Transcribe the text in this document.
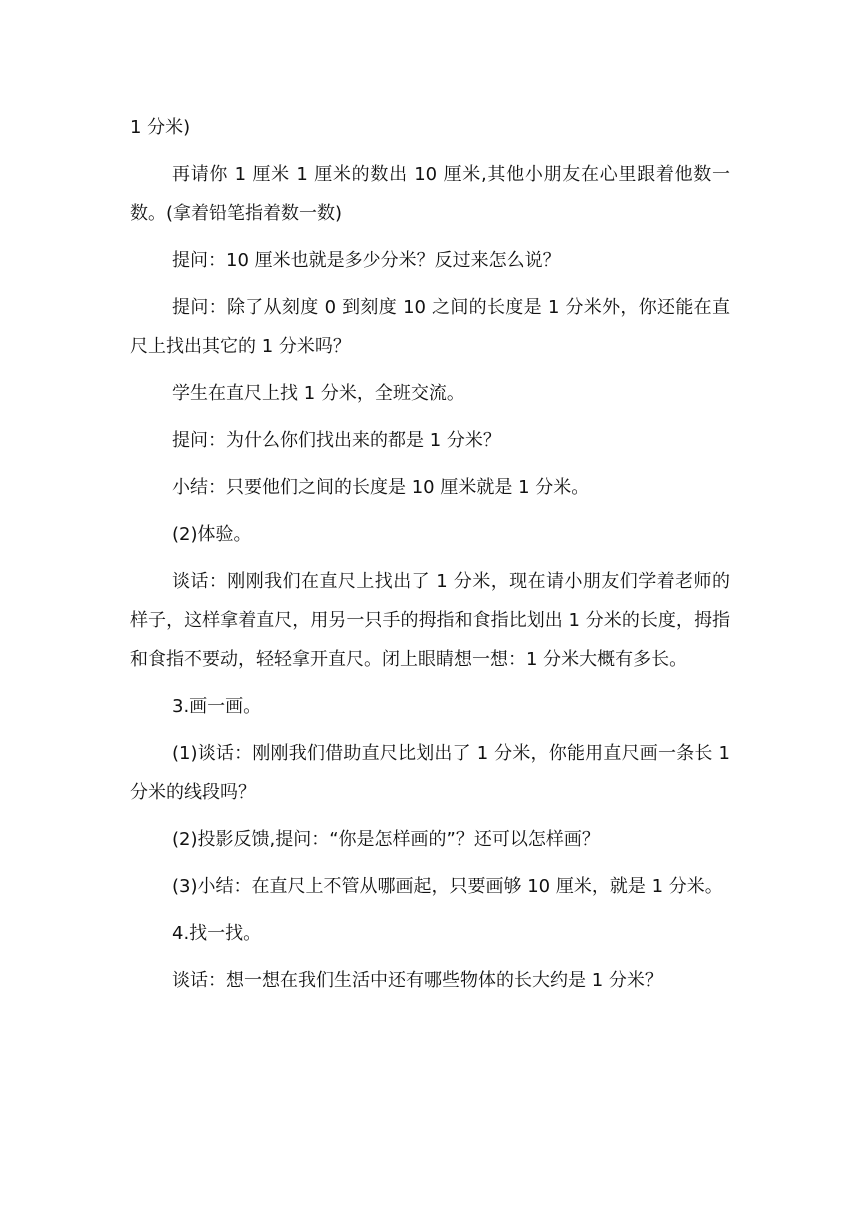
1 分米)

再请你 1 厘米 1 厘米的数出 10 厘米,其他小朋友在心里跟着他数一数。(拿着铅笔指着数一数)

提问：10 厘米也就是多少分米？反过来怎么说？

提问：除了从刻度 0 到刻度 10 之间的长度是 1 分米外，你还能在直尺上找出其它的 1 分米吗？

学生在直尺上找 1 分米，全班交流。

提问：为什么你们找出来的都是 1 分米？

小结：只要他们之间的长度是 10 厘米就是 1 分米。

(2)体验。

谈话：刚刚我们在直尺上找出了 1 分米，现在请小朋友们学着老师的样子，这样拿着直尺，用另一只手的拇指和食指比划出 1 分米的长度，拇指和食指不要动，轻轻拿开直尺。闭上眼睛想一想：1 分米大概有多长。

3.画一画。

(1)谈话：刚刚我们借助直尺比划出了 1 分米，你能用直尺画一条长 1 分米的线段吗？

(2)投影反馈,提问：“你是怎样画的”？还可以怎样画？

(3)小结：在直尺上不管从哪画起，只要画够 10 厘米，就是 1 分米。

4.找一找。

谈话：想一想在我们生活中还有哪些物体的长大约是 1 分米？
